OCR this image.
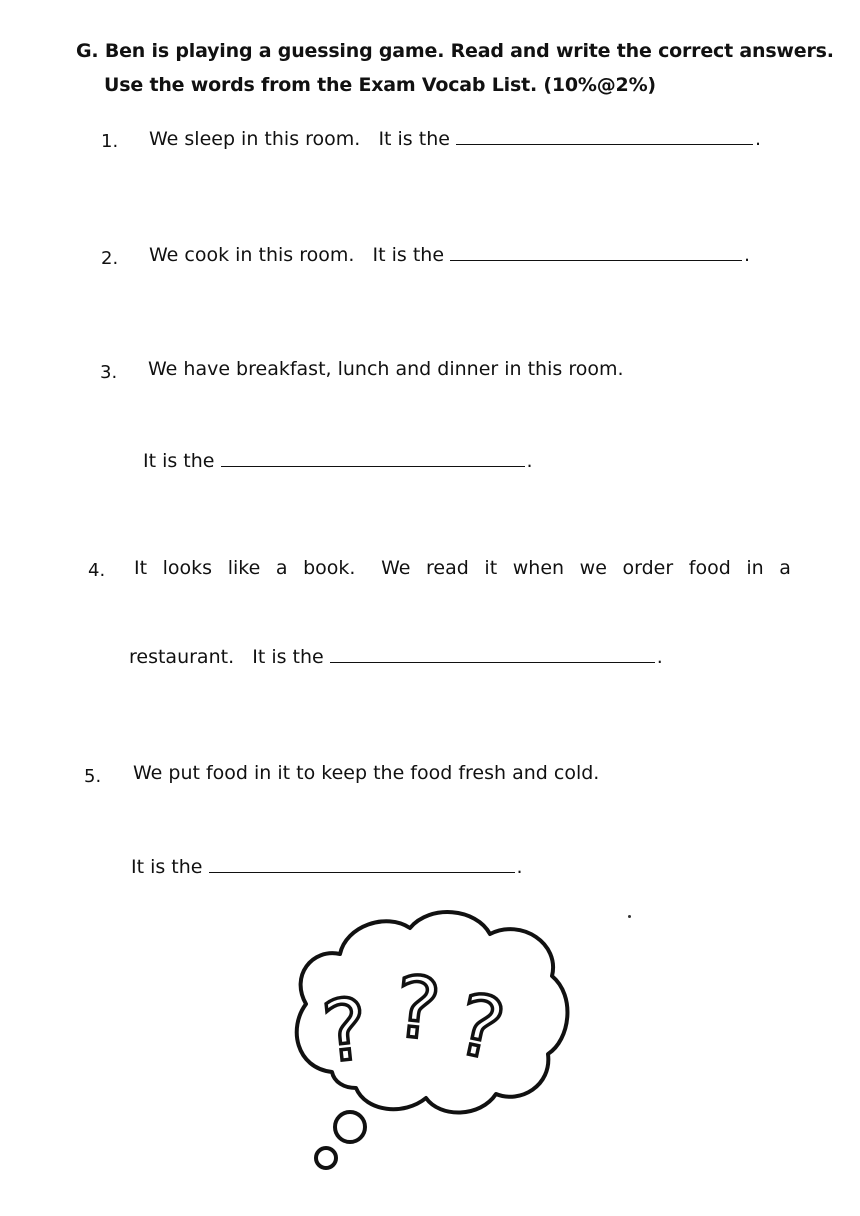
G. Ben is playing a guessing game. Read and write the correct answers.
Use the words from the Exam Vocab List. (10%@2%)
1. We sleep in this room.   It is the	.
2. We cook in this room.   It is the	.
3. We have breakfast, lunch and dinner in this room.
It is the	.
4. It looks like a book. We read it when we order food in a
restaurant.   It is the	.
5. We put food in it to keep the food fresh and cold.
It is the	.
? ? ?
